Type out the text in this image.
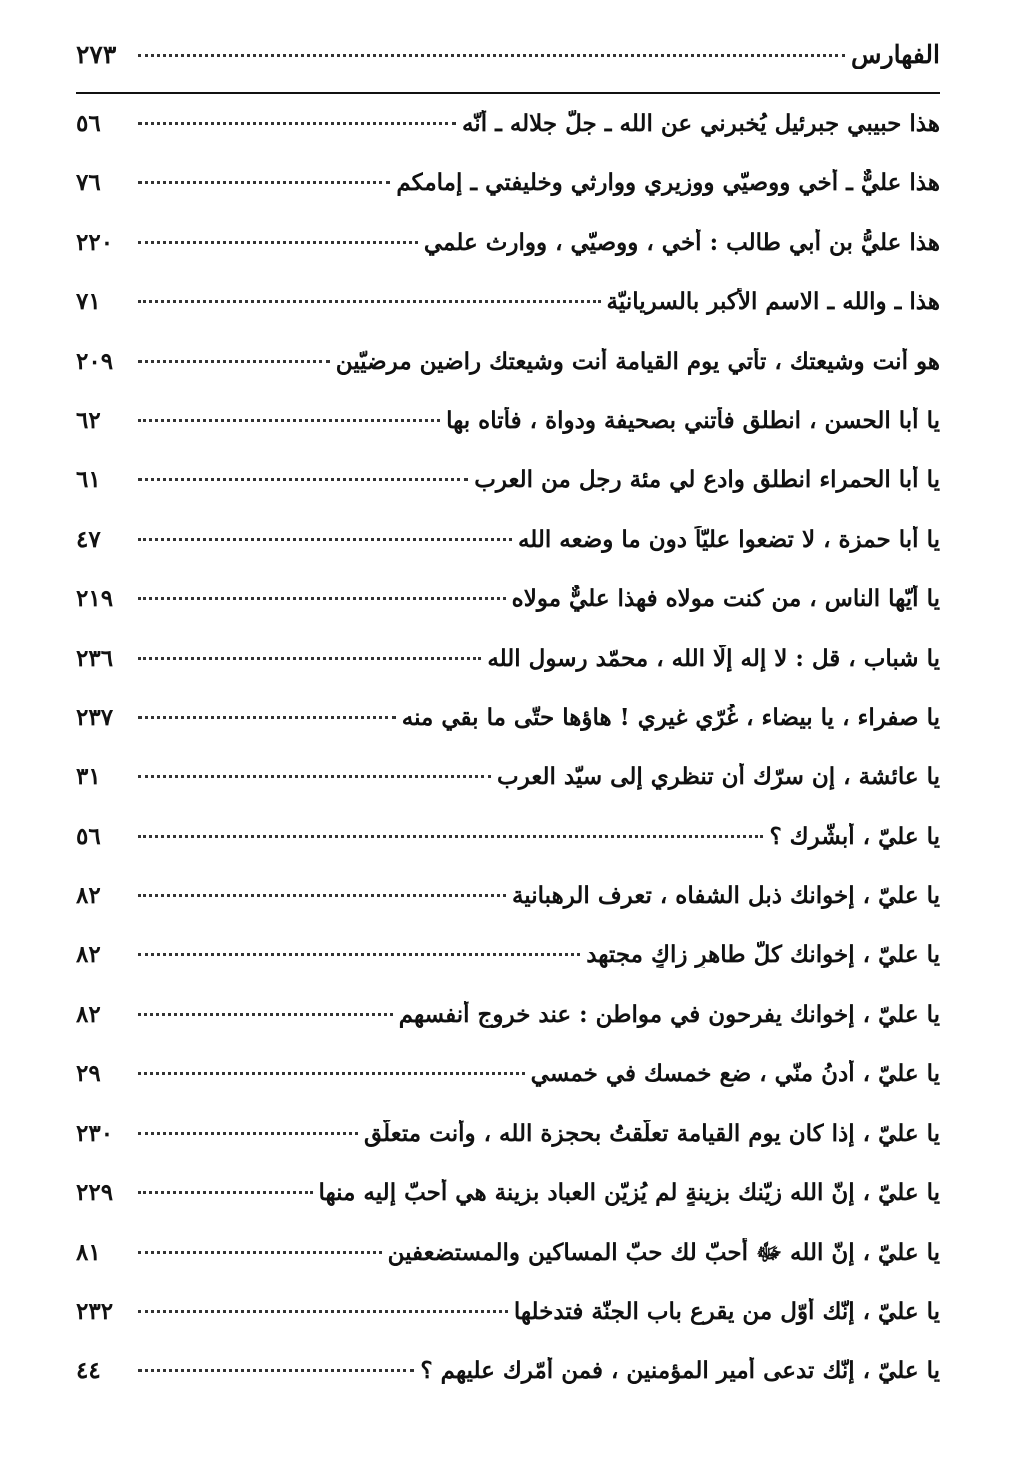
الفهارس
٢٧٣
هذا حبيبي جبرئيل يُخبرني عن الله ـ جلّ جلاله ـ أنّه
٥٦
هذا عليٌّ ـ أخي ووصيّي ووزيري ووارثي وخليفتي ـ إمامكم
٧٦
هذا عليُّ بن أبي طالب : أخي ، ووصيّي ، ووارث علمي
٢٢٠
هذا ـ والله ـ الاسم الأكبر بالسريانيّة
٧١
هو أنت وشيعتك ، تأتي يوم القيامة أنت وشيعتك راضين مرضيّين
٢٠٩
يا أبا الحسن ، انطلق فأتني بصحيفة ودواة ، فأتاه بها
٦٢
يا أبا الحمراء انطلق وادع لي مئة رجل من العرب
٦١
يا أبا حمزة ، لا تضعوا عليّاً دون ما وضعه الله
٤٧
يا أيّها الناس ، من كنت مولاه فهذا عليٌّ مولاه
٢١٩
يا شباب ، قل : لا إله إلّا الله ، محمّد رسول الله
٢٣٦
يا صفراء ، يا بيضاء ، غُرّي غيري ! هاؤها حتّى ما بقي منه
٢٣٧
يا عائشة ، إن سرّك أن تنظري إلى سيّد العرب
٣١
يا عليّ ، أبشّرك ؟
٥٦
يا عليّ ، إخوانك ذبل الشفاه ، تعرف الرهبانية
٨٢
يا عليّ ، إخوانك كلّ طاهرٍ زاكٍ مجتهد
٨٢
يا عليّ ، إخوانك يفرحون في مواطن : عند خروج أنفسهم
٨٢
يا عليّ ، أدنُ منّي ، ضع خمسك في خمسي
٢٩
يا عليّ ، إذا كان يوم القيامة تعلّقتُ بحجزة الله ، وأنت متعلّق
٢٣٠
يا عليّ ، إنّ الله زيّنك بزينةٍ لم يُزيّن العباد بزينة هي أحبّ إليه منها
٢٢٩
يا عليّ ، إنّ الله ﷻ أحبّ لك حبّ المساكين والمستضعفين
٨١
يا عليّ ، إنّك أوّل من يقرع باب الجنّة فتدخلها
٢٣٢
يا عليّ ، إنّك تدعى أمير المؤمنين ، فمن أمّرك عليهم ؟
٤٤
